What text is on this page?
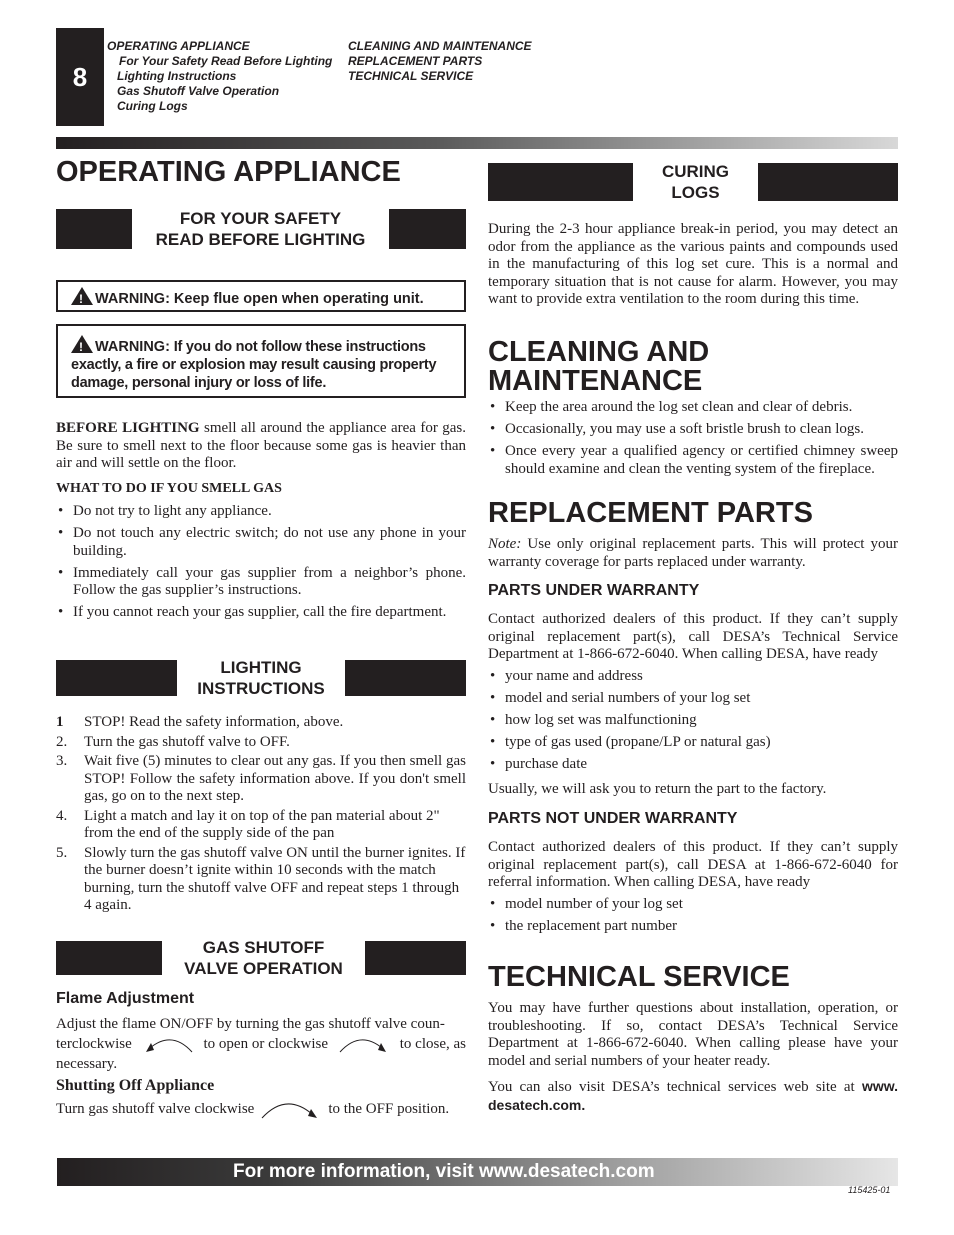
8
OPERATING APPLIANCE
For Your Safety Read Before Lighting
Lighting Instructions
Gas Shutoff Valve Operation
Curing Logs
CLEANING AND MAINTENANCE
REPLACEMENT PARTS
TECHNICAL SERVICE
OPERATING APPLIANCE
FOR YOUR SAFETY
READ BEFORE LIGHTING
!WARNING: Keep flue open when operating unit.
!WARNING: If you do not follow these instructions exactly, a fire or explosion may result causing property damage, personal injury or loss of life.
BEFORE LIGHTING smell all around the appliance area for gas. Be sure to smell next to the floor because some gas is heavier than air and will settle on the floor.
WHAT TO DO IF YOU SMELL GAS
• Do not try to light any appliance.
• Do not touch any electric switch; do not use any phone in your building.
• Immediately call your gas supplier from a neighbor’s phone. Follow the gas supplier’s instructions.
• If you cannot reach your gas supplier, call the fire department.
LIGHTING
INSTRUCTIONS
1 STOP! Read the safety information, above.
2. Turn the gas shutoff valve to OFF.
3. Wait five (5) minutes to clear out any gas. If you then smell gas STOP! Follow the safety information above. If you don't smell gas, go on to the next step.
4. Light a match and lay it on top of the pan material about 2" from the end of the supply side of the pan
5. Slowly turn the gas shutoff valve ON until the burner ignites. If the burner doesn’t ignite within 10 seconds with the match burning, turn the shutoff valve OFF and repeat steps 1 through 4 again.
GAS SHUTOFF
VALVE OPERATION
Flame Adjustment
Adjust the flame ON/OFF by turning the gas shutoff valve coun-
terclockwise	to open or clockwise	to close, as
necessary.
Shutting Off Appliance
Turn gas shutoff valve clockwise	to the OFF position.
CURING
LOGS
During the 2-3 hour appliance break-in period, you may detect an odor from the appliance as the various paints and compounds used in the manufacturing of this log set cure. This is a normal and temporary situation that is not cause for alarm. However, you may want to provide extra ventilation to the room during this time.
CLEANING AND
MAINTENANCE
• Keep the area around the log set clean and clear of debris.
• Occasionally, you may use a soft bristle brush to clean logs.
• Once every year a qualified agency or certified chimney sweep should examine and clean the venting system of the fireplace.
REPLACEMENT PARTS
Note: Use only original replacement parts. This will protect your warranty coverage for parts replaced under warranty.
PARTS UNDER WARRANTY
Contact authorized dealers of this product. If they can’t supply original replacement part(s), call DESA’s Technical Service Department at 1-866-672-6040. When calling DESA, have ready
• your name and address
• model and serial numbers of your log set
• how log set was malfunctioning
• type of gas used (propane/LP or natural gas)
• purchase date
Usually, we will ask you to return the part to the factory.
PARTS NOT UNDER WARRANTY
Contact authorized dealers of this product. If they can’t supply original replacement part(s), call DESA at 1-866-672-6040 for referral information. When calling DESA, have ready
• model number of your log set
• the replacement part number
TECHNICAL SERVICE
You may have further questions about installation, operation, or troubleshooting. If so, contact DESA’s Technical Service Department at 1-866-672-6040. When calling please have your model and serial numbers of your heater ready.
You can also visit DESA’s technical services web site at www. desatech.com.
For more information, visit www.desatech.com
115425-01
